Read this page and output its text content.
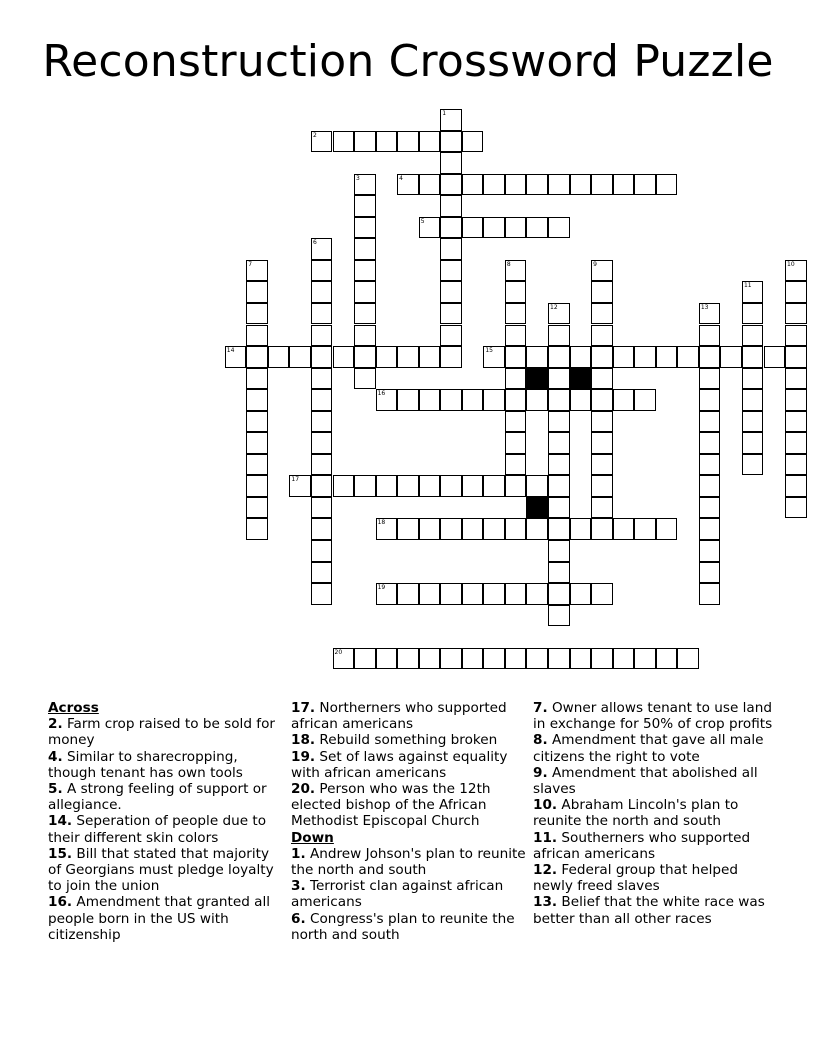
Reconstruction Crossword Puzzle
1
2
3	4
5
6
7	8	9	10
11
12	13
14	15
16
17
18
19
20
Across
2. Farm crop raised to be sold for money
4. Similar to sharecropping, though tenant has own tools
5. A strong feeling of support or allegiance.
14. Seperation of people due to their different skin colors
15. Bill that stated that majority of Georgians must pledge loyalty to join the union
16. Amendment that granted all people born in the US with citizenship
17. Northerners who supported african americans
18. Rebuild something broken
19. Set of laws against equality with african americans
20. Person who was the 12th elected bishop of the African Methodist Episcopal Church
Down
1. Andrew Johson's plan to reunite the north and south
3. Terrorist clan against african americans
6. Congress's plan to reunite the north and south
7. Owner allows tenant to use land in exchange for 50% of crop profits
8. Amendment that gave all male citizens the right to vote
9. Amendment that abolished all slaves
10. Abraham Lincoln's plan to reunite the north and south
11. Southerners who supported african americans
12. Federal group that helped newly freed slaves
13. Belief that the white race was better than all other races
